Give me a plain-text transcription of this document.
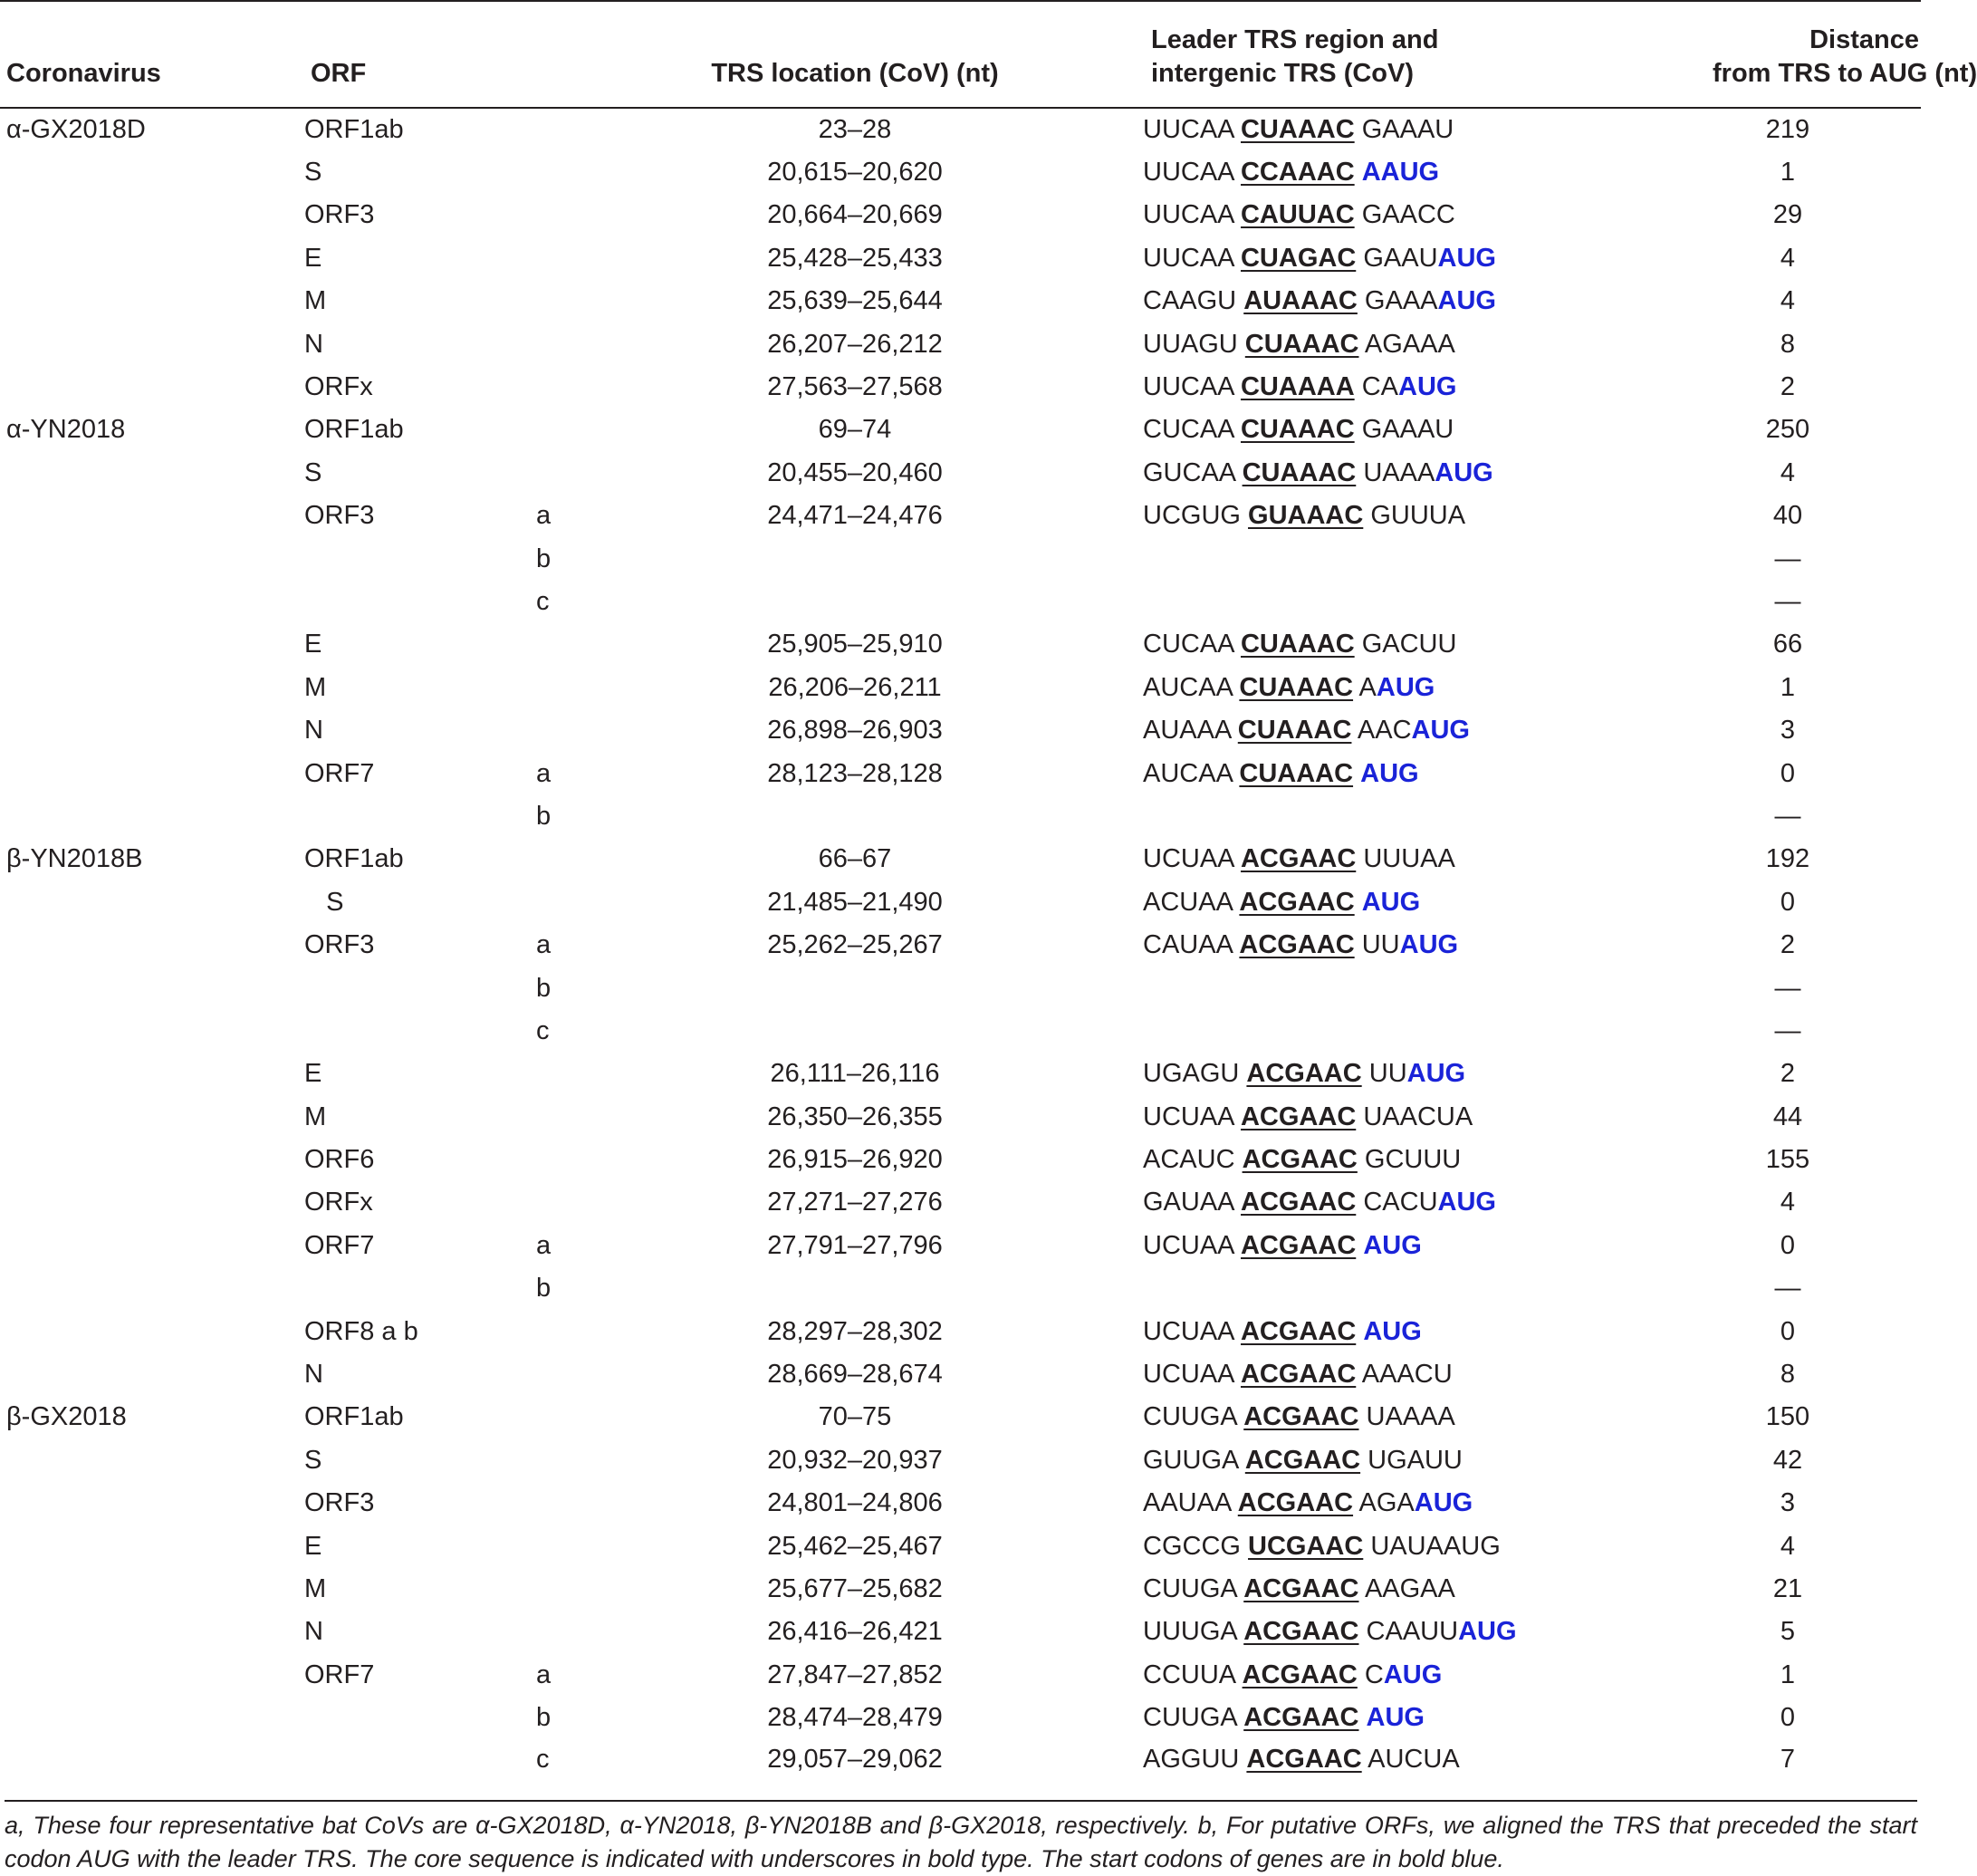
Coronavirus	ORF		TRS location (CoV) (nt)	Leader TRS region and
intergenic TRS (CoV)	Distance
from TRS to AUG (nt)
α-GX2018D	ORF1ab		23–28	UUCAA CUAAAC GAAAU	219
	S		20,615–20,620	UUCAA CCAAAC AAUG	1
	ORF3		20,664–20,669	UUCAA CAUUAC GAACC	29
	E		25,428–25,433	UUCAA CUAGAC GAAUAUG	4
	M		25,639–25,644	CAAGU AUAAAC GAAAAUG	4
	N		26,207–26,212	UUAGU CUAAAC AGAAA	8
	ORFx		27,563–27,568	UUCAA CUAAAA CAAUG	2
α-YN2018	ORF1ab		69–74	CUCAA CUAAAC GAAAU	250
	S		20,455–20,460	GUCAA CUAAAC UAAAAUG	4
	ORF3	a	24,471–24,476	UCGUG GUAAAC GUUUA	40
		b			—
		c			—
	E		25,905–25,910	CUCAA CUAAAC GACUU	66
	M		26,206–26,211	AUCAA CUAAAC AAUG	1
	N		26,898–26,903	AUAAA CUAAAC AACAUG	3
	ORF7	a	28,123–28,128	AUCAA CUAAAC AUG	0
		b			—
β-YN2018B	ORF1ab		66–67	UCUAA ACGAAC UUUAA	192
	S		21,485–21,490	ACUAA ACGAAC AUG	0
	ORF3	a	25,262–25,267	CAUAA ACGAAC UUAUG	2
		b			—
		c			—
	E		26,111–26,116	UGAGU ACGAAC UUAUG	2
	M		26,350–26,355	UCUAA ACGAAC UAACUA	44
	ORF6		26,915–26,920	ACAUC ACGAAC GCUUU	155
	ORFx		27,271–27,276	GAUAA ACGAAC CACUAUG	4
	ORF7	a	27,791–27,796	UCUAA ACGAAC AUG	0
		b			—
	ORF8 a b		28,297–28,302	UCUAA ACGAAC AUG	0
	N		28,669–28,674	UCUAA ACGAAC AAACU	8
β-GX2018	ORF1ab		70–75	CUUGA ACGAAC UAAAA	150
	S		20,932–20,937	GUUGA ACGAAC UGAUU	42
	ORF3		24,801–24,806	AAUAA ACGAAC AGAAUG	3
	E		25,462–25,467	CGCCG UCGAAC UAUAAUG	4
	M		25,677–25,682	CUUGA ACGAAC AAGAA	21
	N		26,416–26,421	UUUGA ACGAAC CAAUUAUG	5
	ORF7	a	27,847–27,852	CCUUA ACGAAC CAUG	1
		b	28,474–28,479	CUUGA ACGAAC AUG	0
		c	29,057–29,062	AGGUU ACGAAC AUCUA	7

a, These four representative bat CoVs are α-GX2018D, α-YN2018, β-YN2018B and β-GX2018, respectively. b, For putative ORFs, we aligned the TRS that preceded the start codon AUG with the leader TRS. The core sequence is indicated with underscores in bold type. The start codons of genes are in bold blue.
